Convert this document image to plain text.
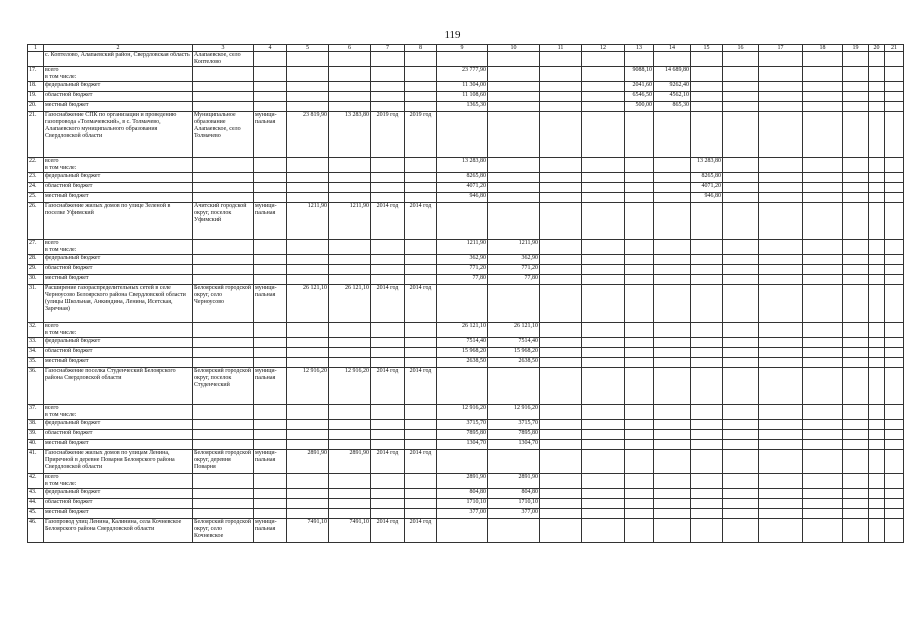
119
1	2	3	4	5	6	7	8	9	10	11	12	13	14	15	16	17	18	19	20	21
	с. Коптелово, Алапаевский район, Свердловская область	Алапаевское, село Коптелово																		
17.	всего
в том числе:							23 777,90				9088,10	14 689,80							
18.	федеральный бюджет							11 304,00				2041,60	9262,40							
19.	областной бюджет							11 108,60				6546,50	4562,10							
20.	местный бюджет							1365,30				500,00	865,30							
21.	Газоснабжение СПК по организации и проведению газопровода «Толмачевский», в с. Толмачево, Алапаевского муниципального образования Свердловской области	Муниципальное образование Алапаевское, село Толмачево	муници-пальная	23 819,90	13 283,80	2019 год	2019 год													
22.	всего
в том числе:							13 283,80						13 283,80						
23.	федеральный бюджет							8265,80						8265,80						
24.	областной бюджет							4071,20						4071,20						
25.	местный бюджет							946,80						946,80						
26.	Газоснабжение жилых домов по улице Зеленой в поселке Уфимский	Ачитский городской округ, поселок Уфимский	муници-пальная	1211,90	1211,90	2014 год	2014 год													
27.	всего
в том числе:							1211,90	1211,90											
28.	федеральный бюджет							362,90	362,90											
29.	областной бюджет							771,20	771,20											
30.	местный бюджет							77,80	77,80											
31.	Расширение газораспределительных сетей в селе Черноусово Белоярского района Свердловской области (улицы Школьная, Анкиндина, Ленина, Исетская, Заречная)	Белоярский городской округ, село Черноусово	муници-пальная	26 121,10	26 121,10	2014 год	2014 год													
32.	всего
в том числе:							26 121,10	26 121,10											
33.	федеральный бюджет							7514,40	7514,40											
34.	областной бюджет							15 968,20	15 968,20											
35.	местный бюджет							2638,50	2638,50											
36.	Газоснабжение поселка Студенческий Белоярского района Свердловской области	Белоярский городской округ, поселок Студенческий	муници-пальная	12 916,20	12 916,20	2014 год	2014 год													
37.	всего
в том числе:							12 916,20	12 916,20											
38.	федеральный бюджет							3715,70	3715,70											
39.	областной бюджет							7895,80	7895,80											
40.	местный бюджет							1304,70	1304,70											
41.	Газоснабжение жилых домов по улицам Ленина, Приречной в деревне Поварня Белоярского района Свердловской области	Белоярский городской округ, деревня Поварня	муници-пальная	2891,90	2891,90	2014 год	2014 год													
42.	всего
в том числе:							2891,90	2891,90											
43.	федеральный бюджет							804,80	804,80											
44.	областной бюджет							1710,10	1710,10											
45.	местный бюджет							377,00	377,00											
46.	Газопровод улиц Ленина, Калинина, села Кочневское Белоярского района Свердловской области	Белоярский городской округ, село Кочневское	муници-пальная	7491,10	7491,10	2014 год	2014 год													
